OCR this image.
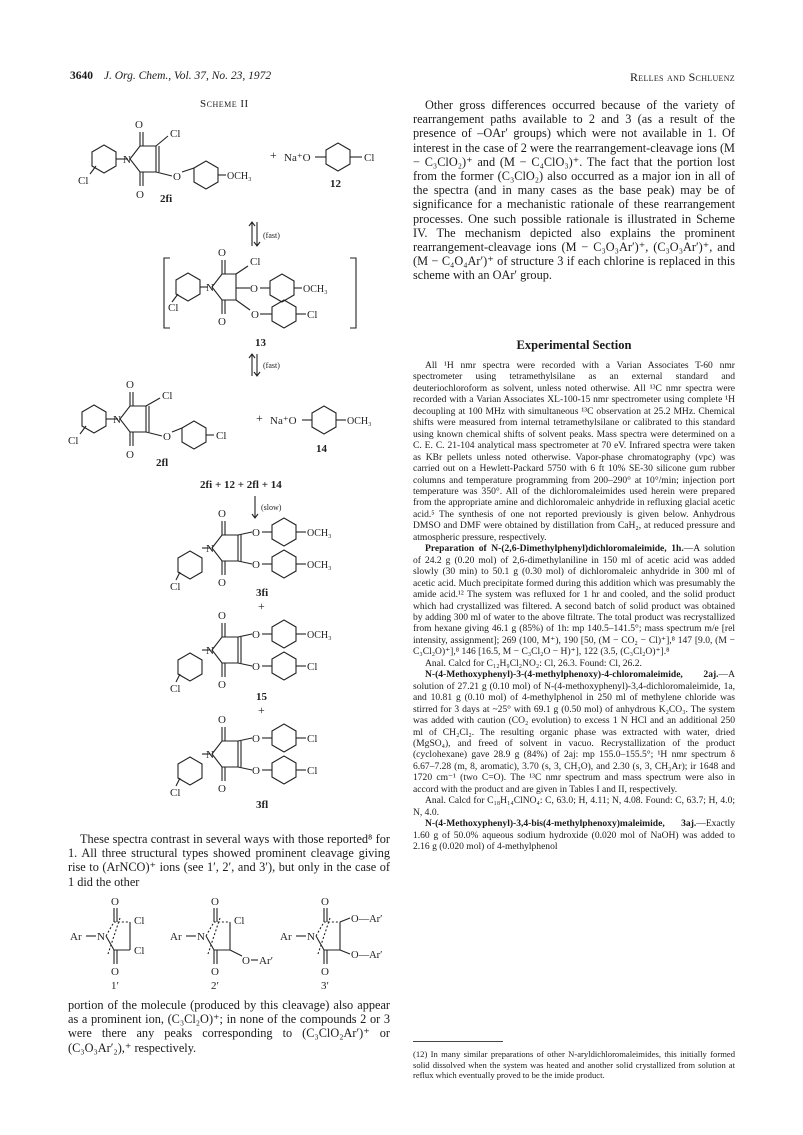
3640 J. Org. Chem., Vol. 37, No. 23, 1972	Relles and Schluenz
Scheme II
O
O
N
Cl
Cl	O	OCH₃
2fi
+ Na⁺O	Cl
12
(fast)
O
O
N
Cl
Cl
O
O
OCH₃
Cl
13
(fast)
O
O
N
Cl
Cl	O	Cl
2fl
+ Na⁺O	OCH₃
14
2fi + 12 + 2fl + 14
(slow)
O
O
N
O
O
OCH₃
OCH₃
Cl	3fi
+
O
O
N
O
O
OCH₃
Cl
Cl
15
+
O
O
N
O
O
Cl
Cl
Cl
3fl

These spectra contrast in several ways with those reported⁸ for 1. All three structural types showed prominent cleavage giving rise to (ArNCO)⁺ ions (see 1′, 2′, and 3′), but only in the case of 1 did the other

Ar N
O
O
Cl
Cl
1′
Ar N
O
O
Cl
O Ar′
2′
Ar N
O
O
O—Ar′
O—Ar′
3′

portion of the molecule (produced by this cleavage) also appear as a prominent ion, (C₃Cl₂O)⁺; in none of the compounds 2 or 3 were there any peaks corresponding to (C₃ClO₂Ar′)⁺ or (C₃O₃Ar′₂),⁺ respectively.

Other gross differences occurred because of the variety of rearrangement paths available to 2 and 3 (as a result of the presence of –OAr′ groups) which were not available in 1. Of interest in the case of 2 were the rearrangement-cleavage ions (M − C₃ClO₂)⁺ and (M − C₄ClO₃)⁺. The fact that the portion lost from the former (C₃ClO₂) also occurred as a major ion in all of the spectra (and in many cases as the base peak) may be of significance for a mechanistic rationale of these rearrangement processes. One such possible rationale is illustrated in Scheme IV. The mechanism depicted also explains the prominent rearrangement-cleavage ions (M − C₃O₃Ar′)⁺, (C₃O₃Ar′)⁺, and (M − C₄O₄Ar′)⁺ of structure 3 if each chlorine is replaced in this scheme with an OAr′ group.

Experimental Section

All ¹H nmr spectra were recorded with a Varian Associates T-60 nmr spectrometer using tetramethylsilane as an external standard and deuteriochloroform as solvent, unless noted otherwise. All ¹³C nmr spectra were recorded with a Varian Associates XL-100-15 nmr spectrometer using complete ¹H decoupling at 100 MHz with simultaneous ¹³C observation at 25.2 MHz. Chemical shifts were measured from internal tetramethylsilane or calibrated to this standard using known chemical shifts of solvent peaks. Mass spectra were determined on a C. E. C. 21-104 analytical mass spectrometer at 70 eV. Infrared spectra were taken as KBr pellets unless noted otherwise. Vapor-phase chromatography (vpc) was carried out on a Hewlett-Packard 5750 with 6 ft 10% SE-30 silicone gum rubber columns and temperature programming from 200–290° at 10°/min; injection port temperature was 350°. All of the dichloromaleimides used herein were prepared from the appropriate amine and dichloromaleic anhydride in refluxing glacial acetic acid.⁵ The synthesis of one not reported previously is given below. Anhydrous DMSO and DMF were obtained by distillation from CaH₂, at reduced pressure and atmospheric pressure, respectively.

Preparation of N-(2,6-Dimethylphenyl)dichloromaleimide, 1h.—A solution of 24.2 g (0.20 mol) of 2,6-dimethylaniline in 150 ml of acetic acid was added slowly (30 min) to 50.1 g (0.30 mol) of dichloromaleic anhydride in 300 ml of acetic acid. Much precipitate formed during this addition which was presumably the amide acid.¹² The system was refluxed for 1 hr and cooled, and the solid product which had crystallized was filtered. A second batch of solid product was obtained by adding 300 ml of water to the above filtrate. The total product was recrystallized from hexane giving 46.1 g (85%) of 1h: mp 140.5–141.5°; mass spectrum m/e [rel intensity, assignment]; 269 (100, M⁺), 190 [50, (M − CO₂ − Cl)⁺],⁸ 147 [9.0, (M − C₃Cl₂O)⁺],⁸ 146 [16.5, M − C₃Cl₂O − H)⁺], 122 (3.5, (C₃Cl₂O)⁺].⁸

Anal. Calcd for C₁₂H₉Cl₂NO₂: Cl, 26.3. Found: Cl, 26.2.

N-(4-Methoxyphenyl)-3-(4-methylphenoxy)-4-chloromaleimide, 2aj.—A solution of 27.21 g (0.10 mol) of N-(4-methoxyphenyl)-3,4-dichloromaleimide, 1a, and 10.81 g (0.10 mol) of 4-methylphenol in 250 ml of methylene chloride was stirred for 3 days at ~25° with 69.1 g (0.50 mol) of anhydrous K₂CO₃. The system was added with caution (CO₂ evolution) to excess 1 N HCl and an additional 250 ml of CH₂Cl₂. The resulting organic phase was extracted with water, dried (MgSO₄), and freed of solvent in vacuo. Recrystallization of the product (cyclohexane) gave 28.9 g (84%) of 2aj: mp 155.0–155.5°; ¹H nmr spectrum δ 6.67–7.28 (m, 8, aromatic), 3.70 (s, 3, CH₃O), and 2.30 (s, 3, CH₃Ar); ir 1648 and 1720 cm⁻¹ (two C=O). The ¹³C nmr spectrum and mass spectrum were also in accord with the product and are given in Tables I and II, respectively.

Anal. Calcd for C₁₈H₁₄ClNO₄: C, 63.0; H, 4.11; N, 4.08. Found: C, 63.7; H, 4.0; N, 4.0.

N-(4-Methoxyphenyl)-3,4-bis(4-methylphenoxy)maleimide, 3aj.—Exactly 1.60 g of 50.0% aqueous sodium hydroxide (0.020 mol of NaOH) was added to 2.16 g (0.020 mol) of 4-methylphenol

(12) In many similar preparations of other N-aryldichloromaleimides, this initially formed solid dissolved when the system was heated and another solid crystallized from solution at reflux which eventually proved to be the imide product.
